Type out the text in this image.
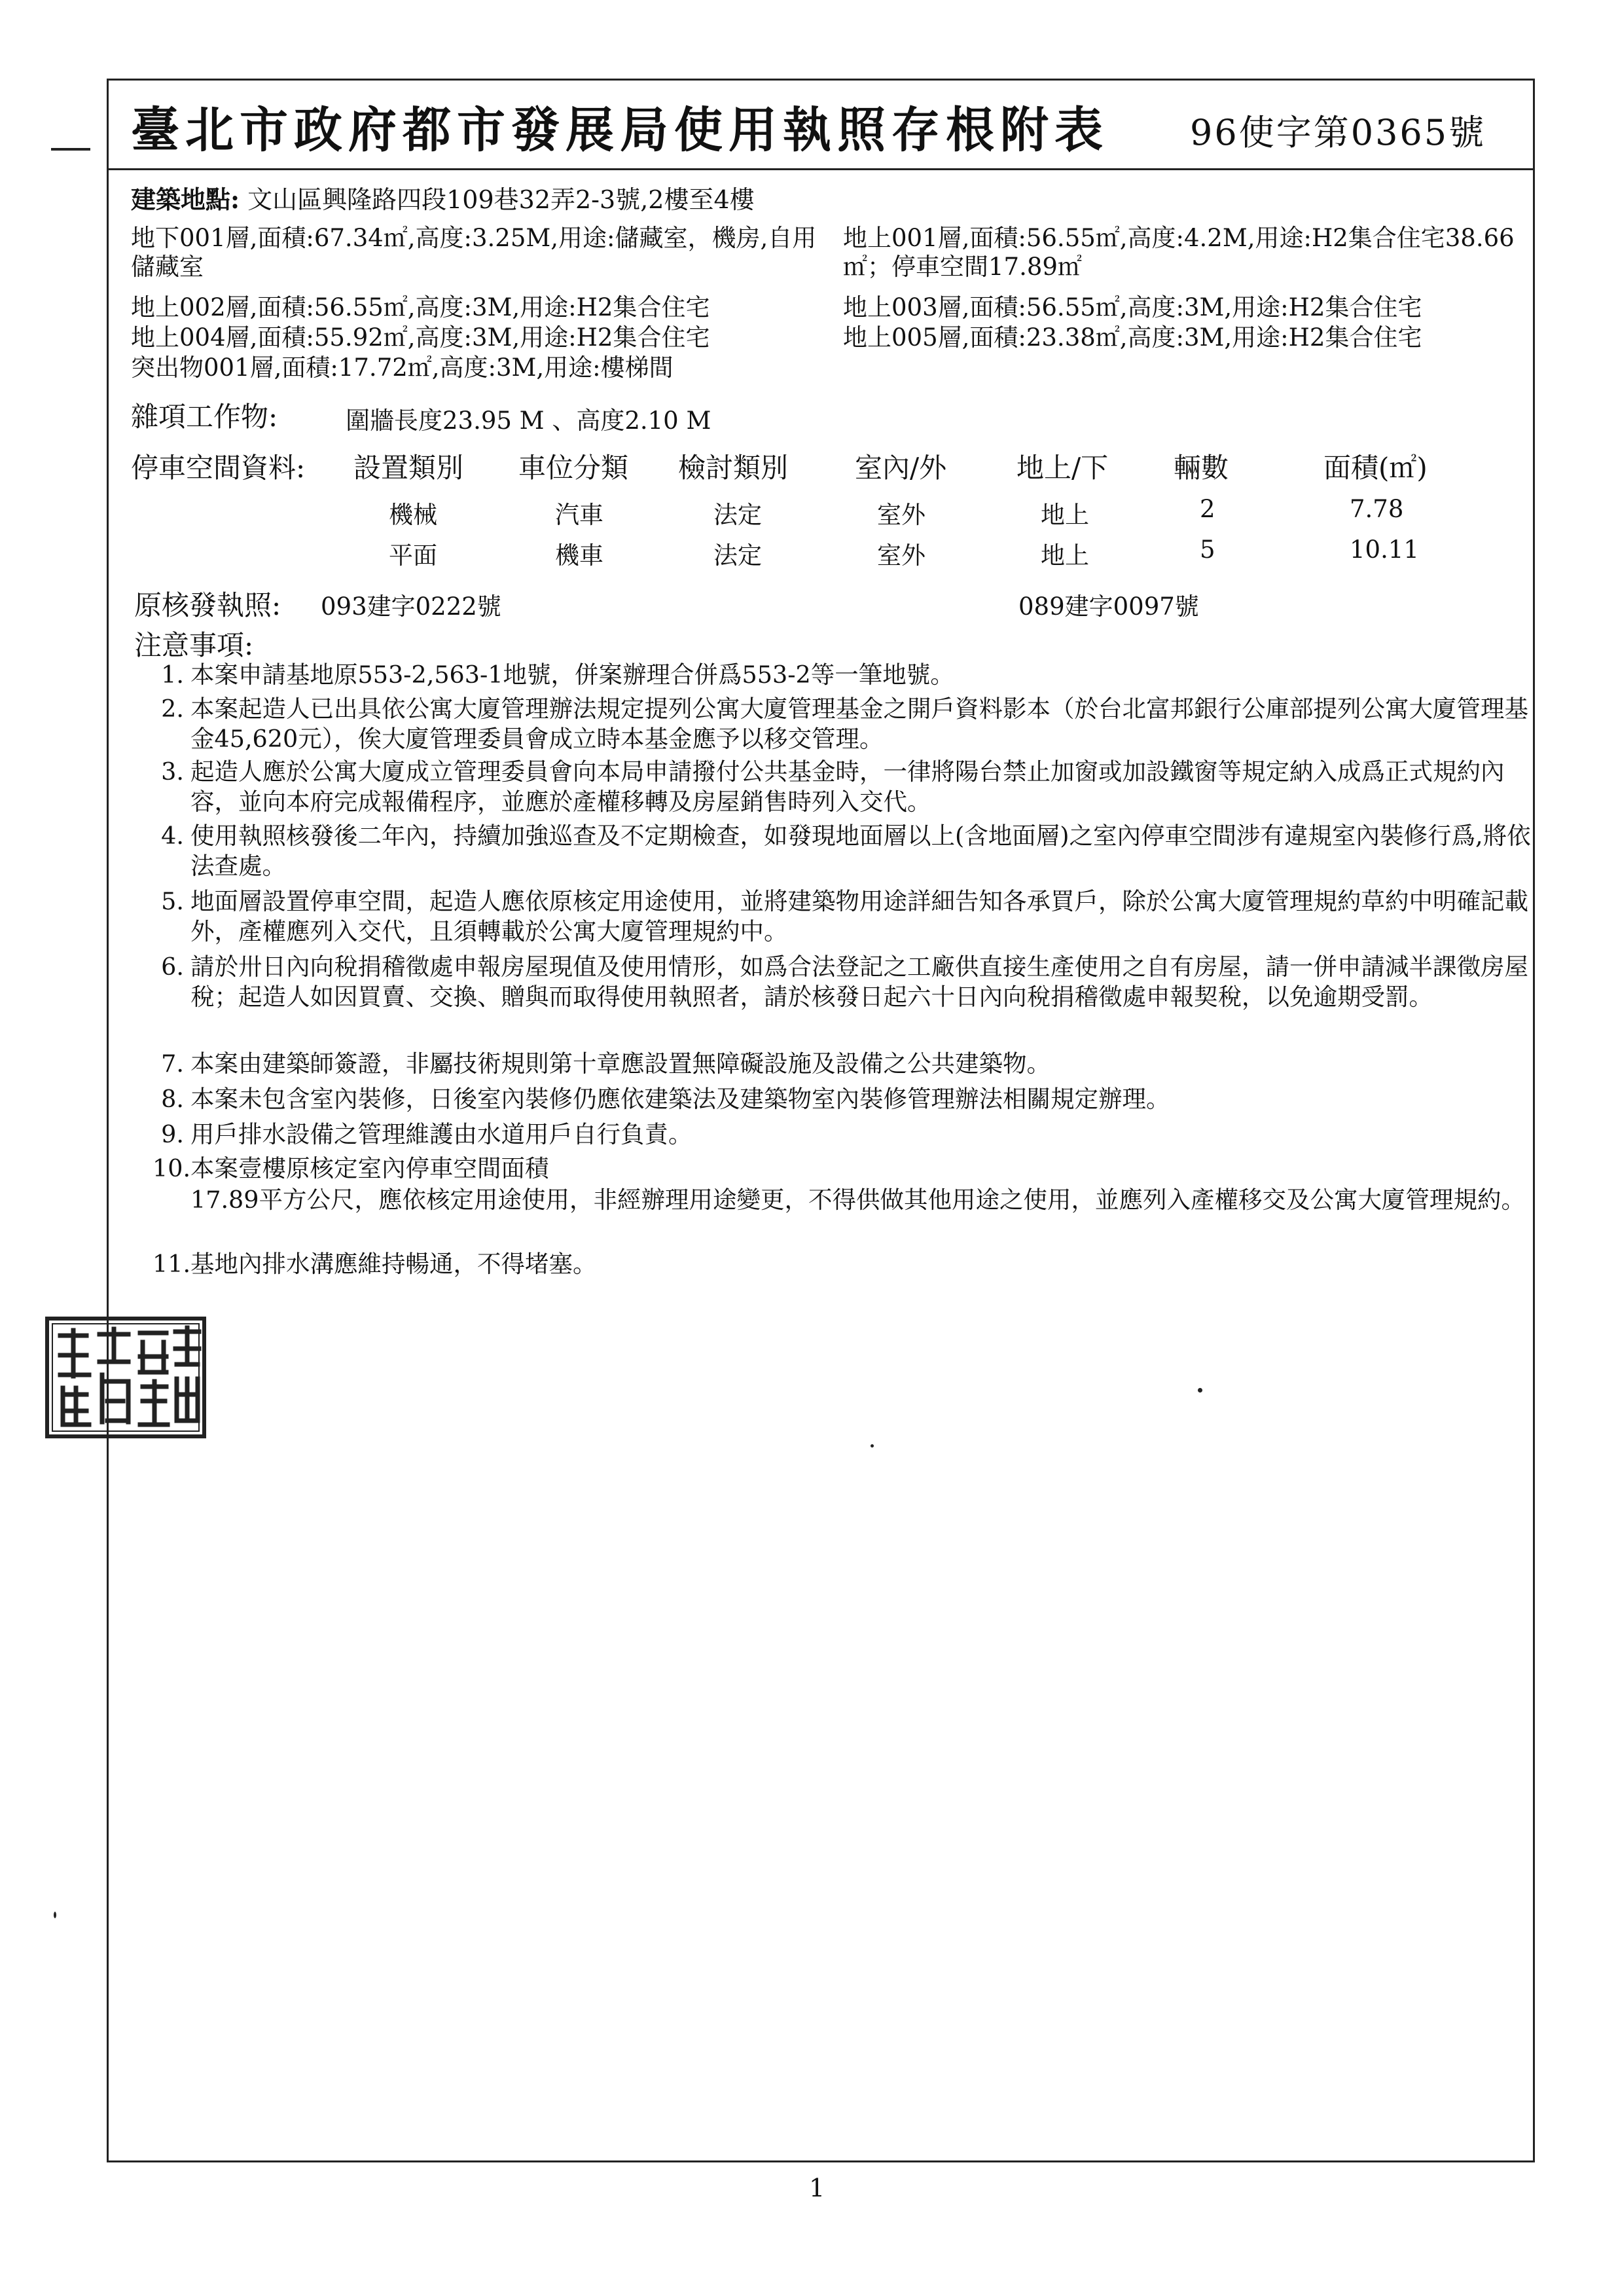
臺北市政府都市發展局使用執照存根附表 96使字第0365號
建築地點: 文山區興隆路四段109巷32弄2-3號,2樓至4樓
地下001層,面積:67.34㎡,高度:3.25M,用途:儲藏室，機房,自用儲藏室
地上001層,面積:56.55㎡,高度:4.2M,用途:H2集合住宅38.66㎡；停車空間17.89㎡
地上002層,面積:56.55㎡,高度:3M,用途:H2集合住宅	地上003層,面積:56.55㎡,高度:3M,用途:H2集合住宅
地上004層,面積:55.92㎡,高度:3M,用途:H2集合住宅	地上005層,面積:23.38㎡,高度:3M,用途:H2集合住宅
突出物001層,面積:17.72㎡,高度:3M,用途:樓梯間
雜項工作物:	圍牆長度23.95 M 、高度2.10 M
停車空間資料: 設置類別 車位分類 檢討類別 室內/外	地上/下 輛數	面積(㎡)
機械	汽車	法定	室外	地上	2	7.78
平面	機車	法定	室外	地上	5	10.11
原核發執照: 093建字0222號	089建字0097號
注意事項:
1. 本案申請基地原553-2,563-1地號，併案辦理合併爲553-2等一筆地號。
2. 本案起造人已出具依公寓大廈管理辦法規定提列公寓大廈管理基金之開戶資料影本（於台北富邦銀行公庫部提列公寓大廈管理基金45,620元），俟大廈管理委員會成立時本基金應予以移交管理。
3. 起造人應於公寓大廈成立管理委員會向本局申請撥付公共基金時，一律將陽台禁止加窗或加設鐵窗等規定納入成爲正式規約內容，並向本府完成報備程序，並應於產權移轉及房屋銷售時列入交代。
4. 使用執照核發後二年內，持續加強巡查及不定期檢查，如發現地面層以上(含地面層)之室內停車空間涉有違規室內裝修行爲,將依法查處。
5. 地面層設置停車空間，起造人應依原核定用途使用，並將建築物用途詳細告知各承買戶，除於公寓大廈管理規約草約中明確記載外，產權應列入交代，且須轉載於公寓大廈管理規約中。
6. 請於卅日內向稅捐稽徵處申報房屋現值及使用情形，如爲合法登記之工廠供直接生產使用之自有房屋，請一併申請減半課徵房屋稅；起造人如因買賣、交換、贈與而取得使用執照者，請於核發日起六十日內向稅捐稽徵處申報契稅，以免逾期受罰。
7. 本案由建築師簽證，非屬技術規則第十章應設置無障礙設施及設備之公共建築物。
8. 本案未包含室內裝修，日後室內裝修仍應依建築法及建築物室內裝修管理辦法相關規定辦理。
9. 用戶排水設備之管理維護由水道用戶自行負責。
10. 本案壹樓原核定室內停車空間面積
17.89平方公尺，應依核定用途使用，非經辦理用途變更，不得供做其他用途之使用，並應列入產權移交及公寓大廈管理規約。
11. 基地內排水溝應維持暢通，不得堵塞。
1
